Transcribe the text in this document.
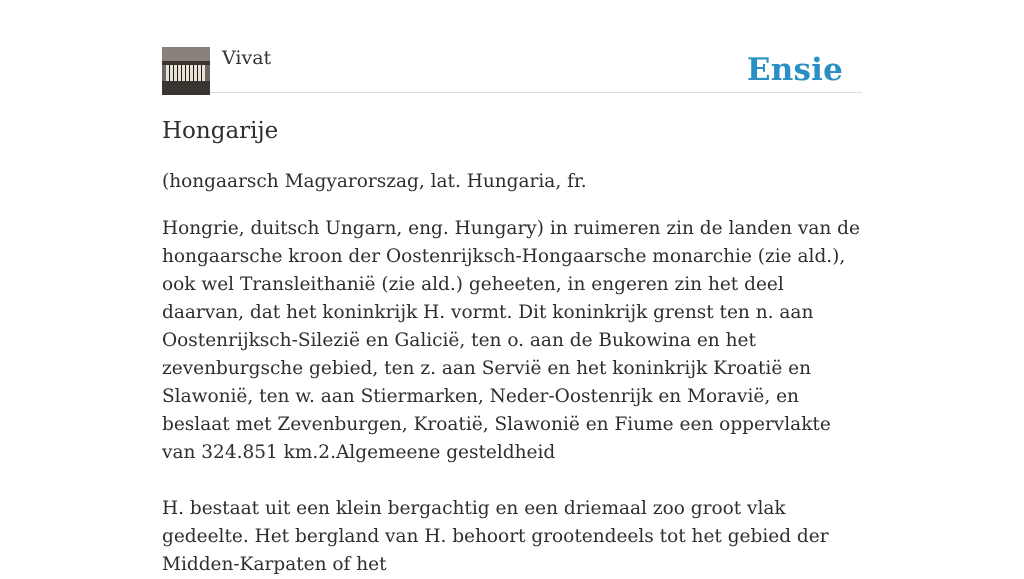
Vivat	Ensie
Hongarije

(hongaarsch Magyarorszag, lat. Hungaria, fr.

Hongrie, duitsch Ungarn, eng. Hungary) in ruimeren zin de landen van de hongaarsche kroon der Oostenrijksch-Hongaarsche monarchie (zie ald.), ook wel Transleithanië (zie ald.) geheeten, in engeren zin het deel daarvan, dat het koninkrijk H. vormt. Dit koninkrijk grenst ten n. aan Oostenrijksch-Silezië en Galicië, ten o. aan de Bukowina en het zevenburgsche gebied, ten z. aan Servië en het koninkrijk Kroatië en Slawonië, ten w. aan Stiermarken, Neder-Oostenrijk en Moravië, en beslaat met Zevenburgen, Kroatië, Slawonië en Fiume een oppervlakte van 324.851 km.2.Algemeene gesteldheid

H. bestaat uit een klein bergachtig en een driemaal zoo groot vlak gedeelte. Het bergland van H. behoort grootendeels tot het gebied der Midden-Karpaten of het
